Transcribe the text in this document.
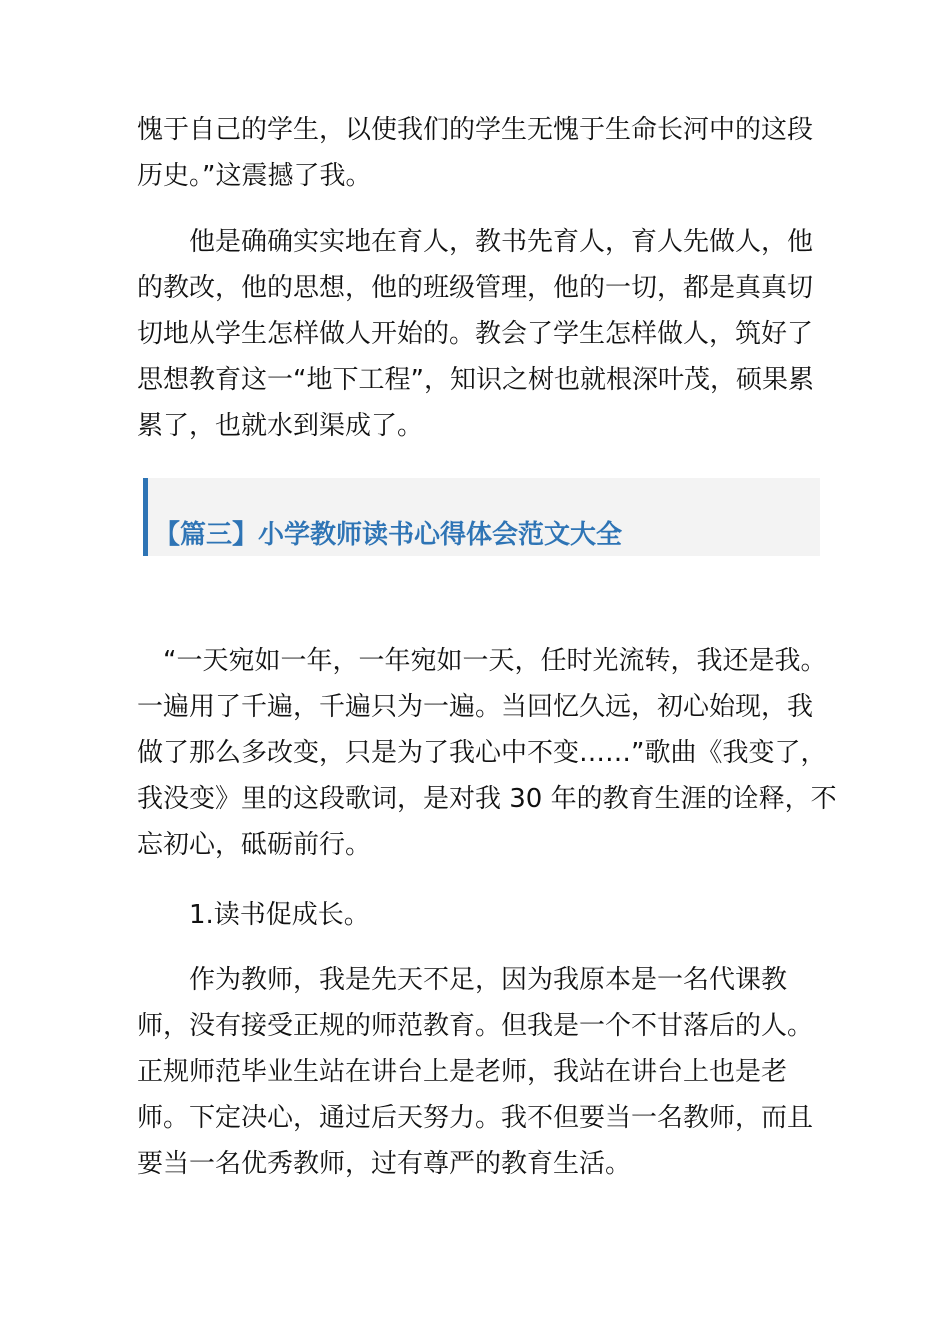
愧于自己的学生，以使我们的学生无愧于生命长河中的这段
历史。”这震撼了我。
他是确确实实地在育人，教书先育人，育人先做人，他
的教改，他的思想，他的班级管理，他的一切，都是真真切
切地从学生怎样做人开始的。教会了学生怎样做人，筑好了
思想教育这一“地下工程”，知识之树也就根深叶茂，硕果累
累了，也就水到渠成了。
【篇三】小学教师读书心得体会范文大全
“一天宛如一年，一年宛如一天，任时光流转，我还是我。
一遍用了千遍，千遍只为一遍。当回忆久远，初心始现，我
做了那么多改变，只是为了我心中不变……”歌曲《我变了，
我没变》里的这段歌词，是对我 30 年的教育生涯的诠释，不
忘初心，砥砺前行。
1.读书促成长。
作为教师，我是先天不足，因为我原本是一名代课教
师，没有接受正规的师范教育。但我是一个不甘落后的人。
正规师范毕业生站在讲台上是老师，我站在讲台上也是老
师。下定决心，通过后天努力。我不但要当一名教师，而且
要当一名优秀教师，过有尊严的教育生活。
